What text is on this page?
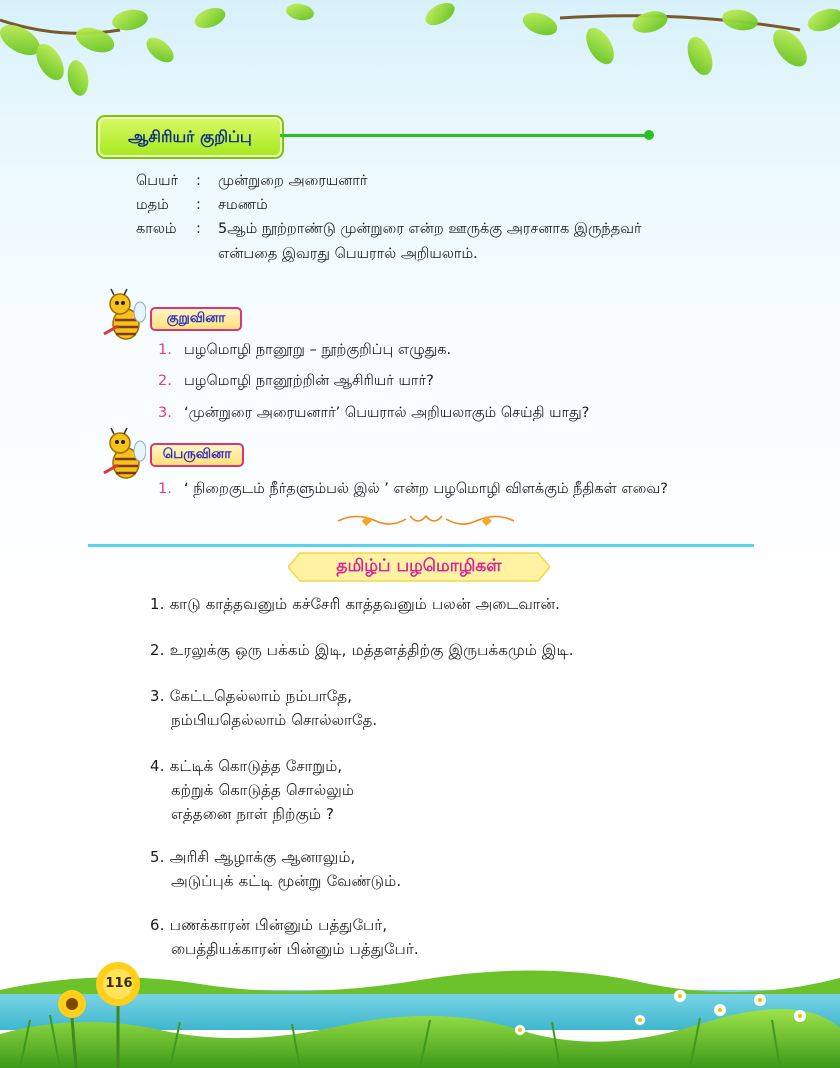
ஆசிரியர் குறிப்பு
பெயர் : முன்றுறை அரையனார்
மதம் : சமணம்
காலம் : 5ஆம் நூற்றாண்டு முன்றுரை என்ற ஊருக்கு அரசனாக இருந்தவர்
என்பதை இவரது பெயரால் அறியலாம்.
குறுவினா
1. பழமொழி நானூறு – நூற்குறிப்பு எழுதுக.
2. பழமொழி நானூற்றின் ஆசிரியர் யார்?
3. ‘முன்றுரை அரையனார்’ பெயரால் அறியலாகும் செய்தி யாது?
பெருவினா
1. ‘ நிறைகுடம் நீர்தளும்பல் இல் ’ என்ற பழமொழி விளக்கும் நீதிகள் எவை?
தமிழ்ப் பழமொழிகள்
1. காடு காத்தவனும் கச்சேரி காத்தவனும் பலன் அடைவான்.
2. உரலுக்கு ஒரு பக்கம் இடி, மத்தளத்திற்கு இருபக்கமும் இடி.
3. கேட்டதெல்லாம் நம்பாதே,
நம்பியதெல்லாம் சொல்லாதே.
4. கட்டிக் கொடுத்த சோறும்,
கற்றுக் கொடுத்த சொல்லும்
எத்தனை நாள் நிற்கும் ?
5. அரிசி ஆழாக்கு ஆனாலும்,
அடுப்புக் கட்டி மூன்று வேண்டும்.
6. பணக்காரன் பின்னும் பத்துபேர்,
பைத்தியக்காரன் பின்னும் பத்துபேர்.
116
